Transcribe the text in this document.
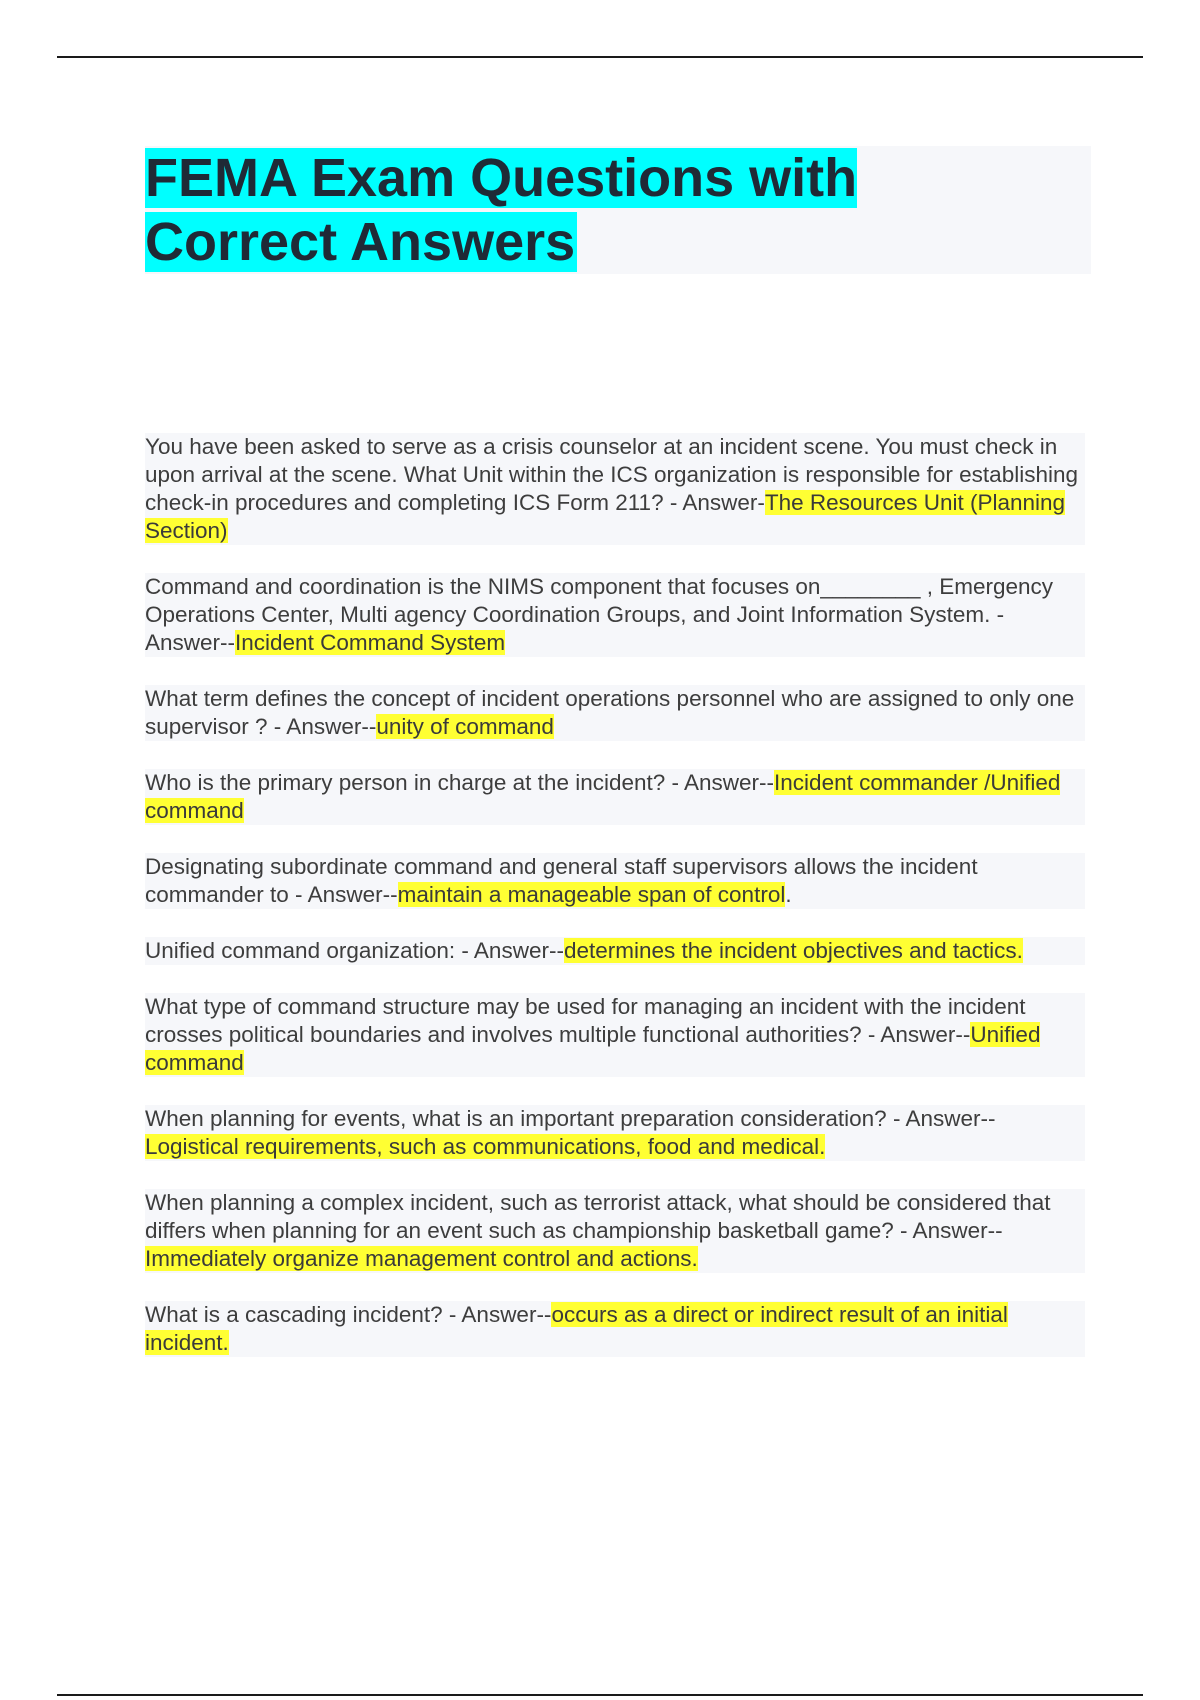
FEMA Exam Questions with Correct Answers

You have been asked to serve as a crisis counselor at an incident scene. You must check in upon arrival at the scene. What Unit within the ICS organization is responsible for establishing check-in procedures and completing ICS Form 211? - Answer-The Resources Unit (Planning Section)

Command and coordination is the NIMS component that focuses on________ , Emergency Operations Center, Multi agency Coordination Groups, and Joint Information System. - Answer--Incident Command System

What term defines the concept of incident operations personnel who are assigned to only one supervisor ? - Answer--unity of command

Who is the primary person in charge at the incident? - Answer--Incident commander /Unified command

Designating subordinate command and general staff supervisors allows the incident commander to - Answer--maintain a manageable span of control.

Unified command organization: - Answer--determines the incident objectives and tactics.

What type of command structure may be used for managing an incident with the incident crosses political boundaries and involves multiple functional authorities? - Answer--Unified command

When planning for events, what is an important preparation consideration? - Answer--Logistical requirements, such as communications, food and medical.

When planning a complex incident, such as terrorist attack, what should be considered that differs when planning for an event such as championship basketball game? - Answer--Immediately organize management control and actions.

What is a cascading incident? - Answer--occurs as a direct or indirect result of an initial incident.
